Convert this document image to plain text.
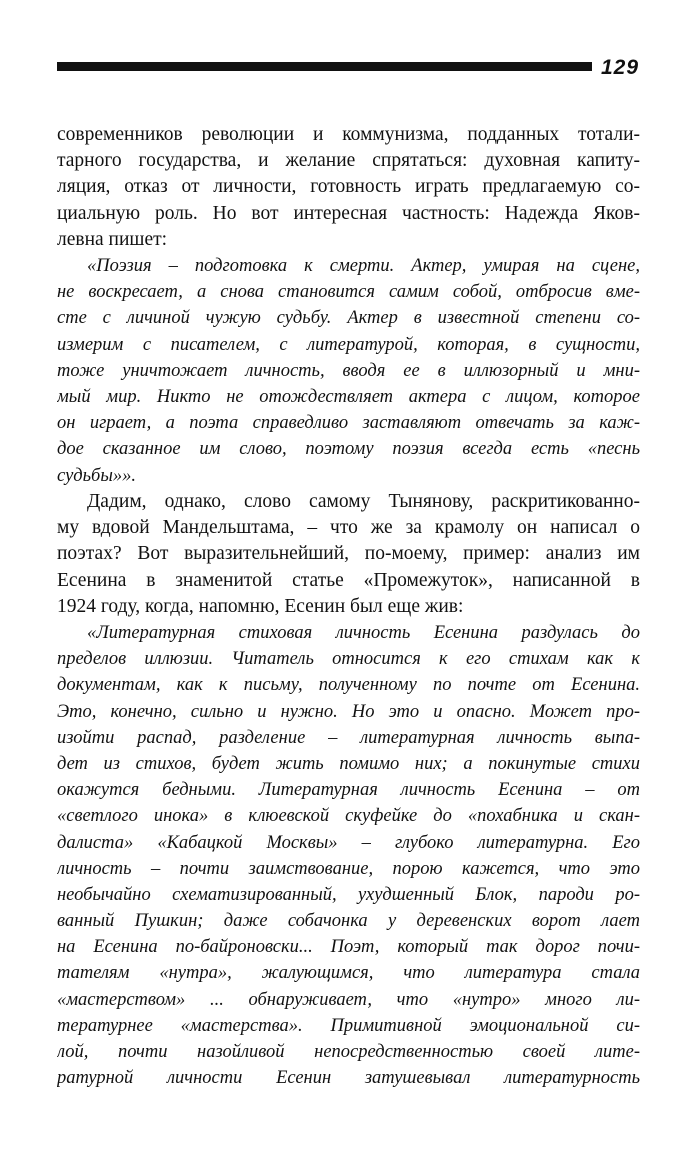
129
современников революции и коммунизма, подданных тотали-
тарного государства, и желание спрятаться: духовная капиту-
ляция, отказ от личности, готовность играть предлагаемую со-
циальную роль. Но вот интересная частность: Надежда Яков-
левна пишет:
«Поэзия – подготовка к смерти. Актер, умирая на сцене,
не воскресает, а снова становится самим собой, отбросив вме-
сте с личиной чужую судьбу. Актер в известной степени со-
измерим с писателем, с литературой, которая, в сущности,
тоже уничтожает личность, вводя ее в иллюзорный и мни-
мый мир. Никто не отождествляет актера с лицом, которое
он играет, а поэта справедливо заставляют отвечать за каж-
дое сказанное им слово, поэтому поэзия всегда есть «песнь
судьбы»».
Дадим, однако, слово самому Тынянову, раскритикованно-
му вдовой Мандельштама, – что же за крамолу он написал о
поэтах? Вот выразительнейший, по-моему, пример: анализ им
Есенина в знаменитой статье «Промежуток», написанной в
1924 году, когда, напомню, Есенин был еще жив:
«Литературная стиховая личность Есенина раздулась до
пределов иллюзии. Читатель относится к его стихам как к
документам, как к письму, полученному по почте от Есенина.
Это, конечно, сильно и нужно. Но это и опасно. Может про-
изойти распад, разделение – литературная личность выпа-
дет из стихов, будет жить помимо них; а покинутые стихи
окажутся бедными. Литературная личность Есенина – от
«светлого инока» в клюевской скуфейке до «похабника и скан-
далиста» «Кабацкой Москвы» – глубоко литературна. Его
личность – почти заимствование, порою кажется, что это
необычайно схематизированный, ухудшенный Блок, пароди ро-
ванный Пушкин; даже собачонка у деревенских ворот лает
на Есенина по-байроновски... Поэт, который так дорог почи-
тателям «нутра», жалующимся, что литература стала
«мастерством» ... обнаруживает, что «нутро» много ли-
тературнее «мастерства». Примитивной эмоциональной си-
лой, почти назойливой непосредственностью своей лите-
ратурной личности Есенин затушевывал литературность
